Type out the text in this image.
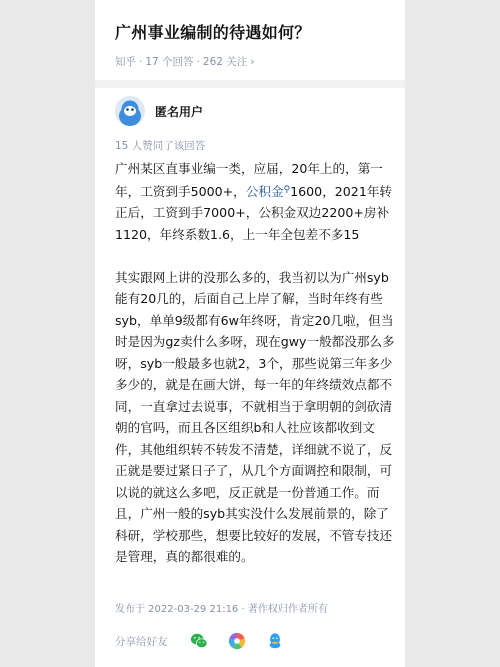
广州事业编制的待遇如何？
知乎 · 17 个回答 · 262 关注 ›
匿名用户
15 人赞同了该回答

广州某区直事业编一类，应届，20年上的，第一年，工资到手5000+，公积金⚲1600，2021年转正后，工资到手7000+，公积金双边2200+房补1120，年终系数1.6，上一年全包差不多15

其实跟网上讲的没那么多的，我当初以为广州syb能有20几的，后面自己上岸了解，当时年终有些syb，单单9级都有6w年终呀，肯定20几啦，但当时是因为gz卖什么多呀，现在gwy一般都没那么多呀，syb一般最多也就2，3个，那些说第三年多少多少的，就是在画大饼，每一年的年终绩效点都不同，一直拿过去说事，不就相当于拿明朝的剑砍清朝的官吗，而且各区组织b和人社应该都收到文件，其他组织转不转发不清楚，详细就不说了，反正就是要过紧日子了，从几个方面调控和限制，可以说的就这么多吧，反正就是一份普通工作。而且，广州一般的syb其实没什么发展前景的，除了科研，学校那些，想要比较好的发展，不管专技还是管理，真的都很难的。

发布于 2022-03-29 21:16 · 著作权归作者所有
分享给好友
